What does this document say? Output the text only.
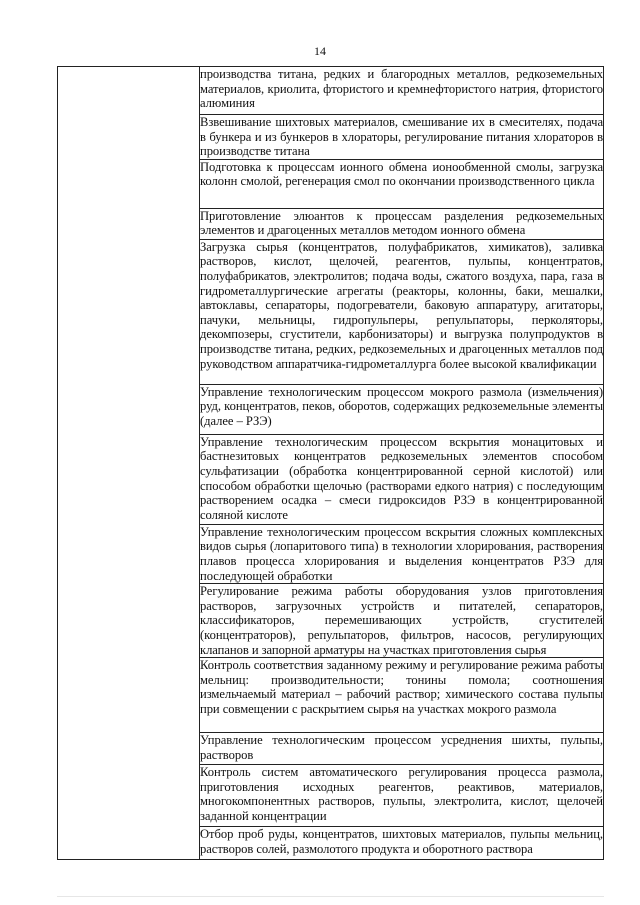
14

производства титана, редких и благородных металлов, редкоземельных материалов, криолита, фтористого и кремнефтористого натрия, фтористого алюминия

Взвешивание шихтовых материалов, смешивание их в смесителях, подача в бункера и из бункеров в хлораторы, регулирование питания хлораторов в производстве титана

Подготовка к процессам ионного обмена ионообменной смолы, загрузка колонн смолой, регенерация смол по окончании производственного цикла

Приготовление элюантов к процессам разделения редкоземельных элементов и драгоценных металлов методом ионного обмена

Загрузка сырья (концентратов, полуфабрикатов, химикатов), заливка растворов, кислот, щелочей, реагентов, пульпы, концентратов, полуфабрикатов, электролитов; подача воды, сжатого воздуха, пара, газа в гидрометаллургические агрегаты (реакторы, колонны, баки, мешалки, автоклавы, сепараторы, подогреватели, баковую аппаратуру, агитаторы, пачуки, мельницы, гидропульперы, репульпаторы, перколяторы, декомпозеры, сгустители, карбонизаторы) и выгрузка полупродуктов в производстве титана, редких, редкоземельных и драгоценных металлов под руководством аппаратчика-гидрометаллурга более высокой квалификации

Управление технологическим процессом мокрого размола (измельчения) руд, концентратов, пеков, оборотов, содержащих редкоземельные элементы (далее – РЗЭ)

Управление технологическим процессом вскрытия монацитовых и бастнезитовых концентратов редкоземельных элементов способом сульфатизации (обработка концентрированной серной кислотой) или способом обработки щелочью (растворами едкого натрия) с последующим растворением осадка – смеси гидроксидов РЗЭ в концентрированной соляной кислоте

Управление технологическим процессом вскрытия сложных комплексных видов сырья (лопаритового типа) в технологии хлорирования, растворения плавов процесса хлорирования и выделения концентратов РЗЭ для последующей обработки

Регулирование режима работы оборудования узлов приготовления растворов, загрузочных устройств и питателей, сепараторов, классификаторов, перемешивающих устройств, сгустителей (концентраторов), репульпаторов, фильтров, насосов, регулирующих клапанов и запорной арматуры на участках приготовления сырья

Контроль соответствия заданному режиму и регулирование режима работы мельниц: производительности; тонины помола; соотношения измельчаемый материал – рабочий раствор; химического состава пульпы при совмещении с раскрытием сырья на участках мокрого размола

Управление технологическим процессом усреднения шихты, пульпы, растворов

Контроль систем автоматического регулирования процесса размола, приготовления исходных реагентов, реактивов, материалов, многокомпонентных растворов, пульпы, электролита, кислот, щелочей заданной концентрации

Отбор проб руды, концентратов, шихтовых материалов, пульпы мельниц, растворов солей, размолотого продукта и оборотного раствора
